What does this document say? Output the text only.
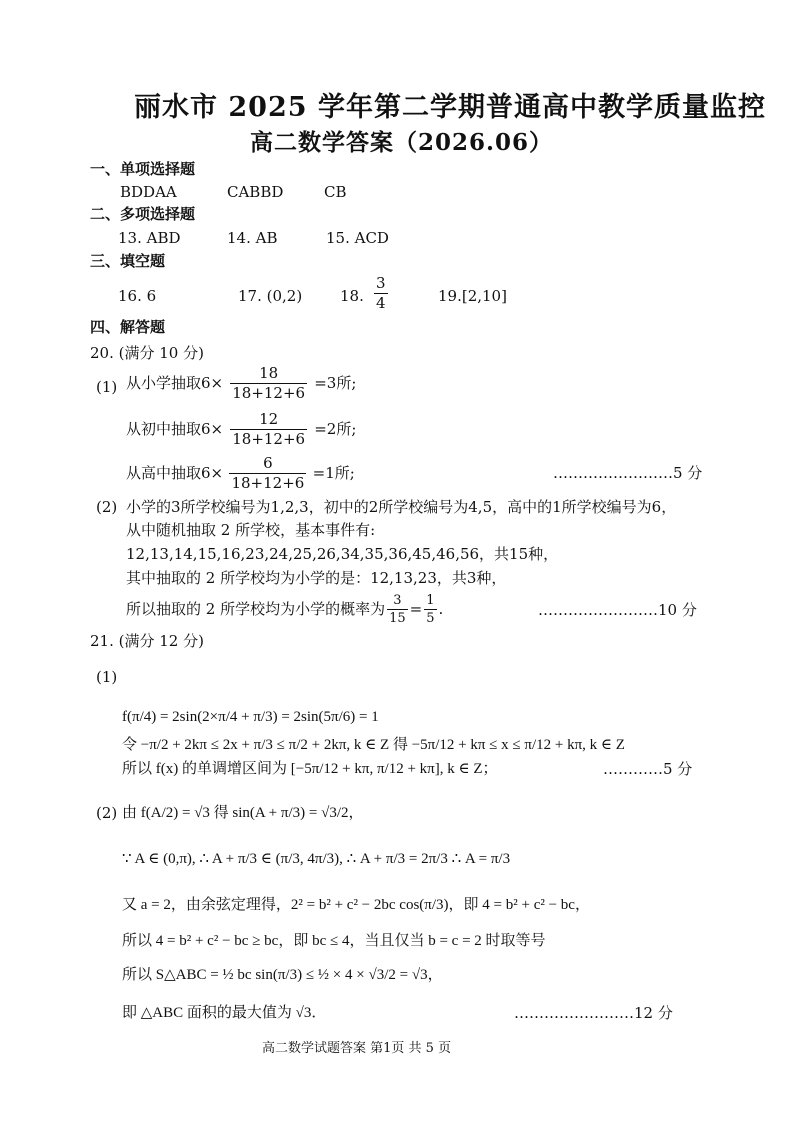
丽水市 2025 学年第二学期普通高中教学质量监控
高二数学答案（2026.06）
一、单项选择题
BDDAA	CABBD	CB
二、多项选择题
13. ABD	14. AB	15. ACD
三、填空题
16. 6	17. (0,2)	18. $\frac{3}{4}$	19.[2,10]
四、解答题
20. (满分 10 分)
(1) 从小学抽取$6\times \frac{18}{18+12+6} =3$所;
从初中抽取$6\times \frac{12}{18+12+6} =2$所;
从高中抽取$6\times \frac{6}{18+12+6} =1$所;	……………………5 分
(2) 小学的3所学校编号为1,2,3，初中的2所学校编号为4,5，高中的1所学校编号为6，
从中随机抽取 2 所学校，基本事件有:
12,13,14,15,16,23,24,25,26,34,35,36,45,46,56，共15种，
其中抽取的 2 所学校均为小学的是：12,13,23，共3种，
所以抽取的 2 所学校均为小学的概率为 $\frac{3}{15} = \frac{1}{5}$ .	……………………10 分
21. (满分 12 分)
(1)
f(π/4) = 2sin(2×π/4 + π/3) = 2sin(5π/6) = 1
令 −π/2 + 2kπ ≤ 2x + π/3 ≤ π/2 + 2kπ, k ∈ Z 得 −5π/12 + kπ ≤ x ≤ π/12 + kπ, k ∈ Z
所以 f(x) 的单调增区间为 [−5π/12 + kπ, π/12 + kπ], k ∈ Z；	…………5 分
(2) 由 f(A/2) = √3 得 sin(A + π/3) = √3/2，
∵ A ∈ (0,π), ∴ A + π/3 ∈ (π/3, 4π/3), ∴ A + π/3 = 2π/3 ∴ A = π/3
又 a = 2，由余弦定理得，2² = b² + c² − 2bc cos(π/3)，即 4 = b² + c² − bc，
所以 4 = b² + c² − bc ≥ bc，即 bc ≤ 4，当且仅当 b = c = 2 时取等号
所以 S△ABC = ½ bc sin(π/3) ≤ ½ × 4 × √3/2 = √3，
即 △ABC 面积的最大值为 √3．	……………………12 分
高二数学试题答案 第1页 共 5 页
